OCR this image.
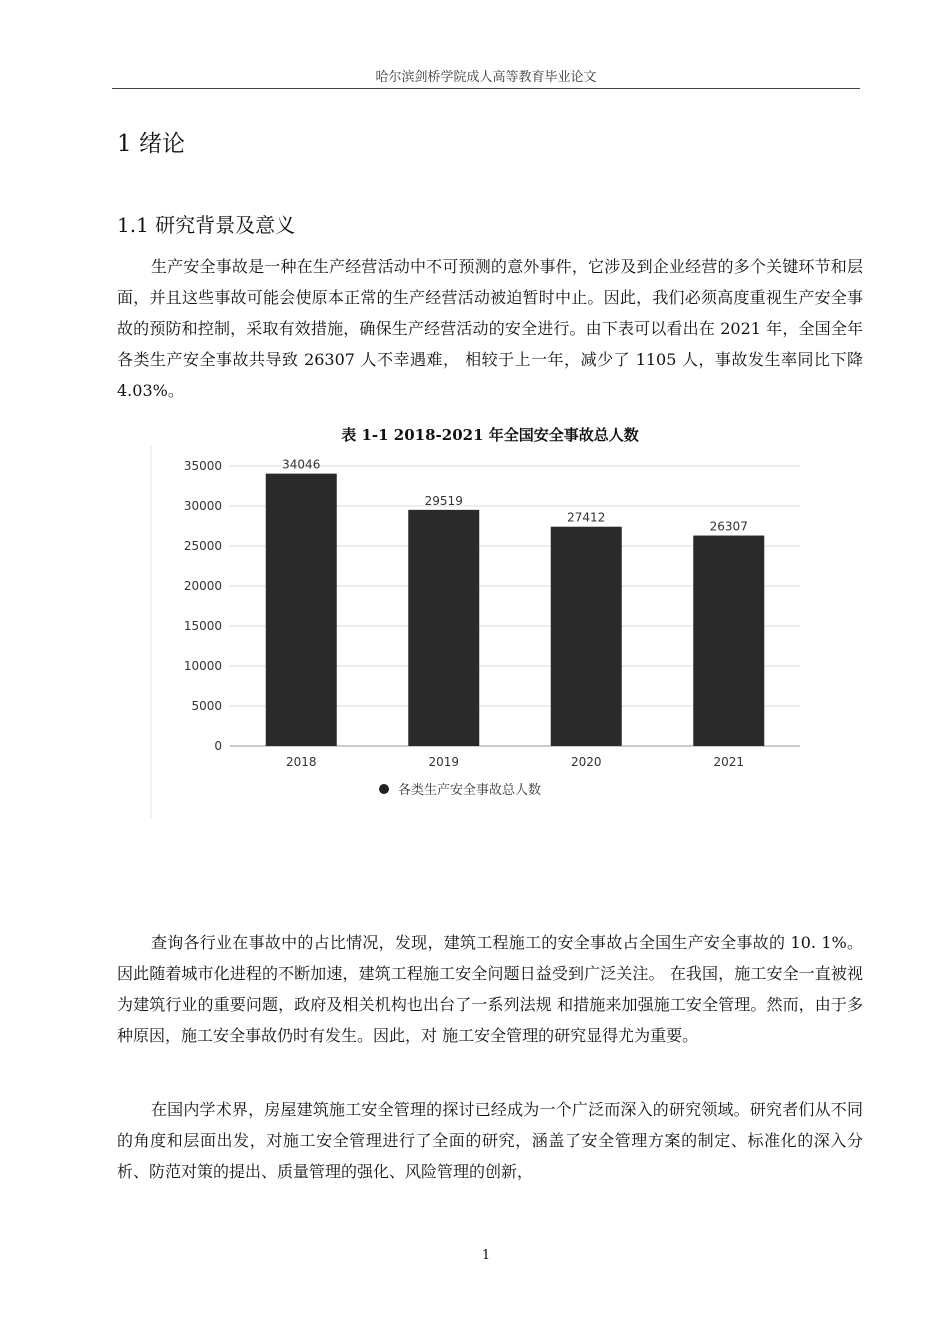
哈尔滨剑桥学院成人高等教育毕业论文
1 绪论
1.1 研究背景及意义

生产安全事故是一种在生产经营活动中不可预测的意外事件，它涉及到企业经营的多个关键环节和层面，并且这些事故可能会使原本正常的生产经营活动被迫暂时中止。因此，我们必须高度重视生产安全事故的预防和控制，采取有效措施，确保生产经营活动的安全进行。由下表可以看出在 2021 年，全国全年各类生产安全事故共导致 26307 人不幸遇难， 相较于上一年，减少了 1105 人，事故发生率同比下降 4.03%。

表 1-1 2018-2021 年全国安全事故总人数
0
5000
10000
15000
20000
25000
30000
35000	34046
2018
29519
2019
27412
2020
26307
2021
各类生产安全事故总人数

查询各行业在事故中的占比情况，发现，建筑工程施工的安全事故占全国生产安全事故的 10. 1%。因此随着城市化进程的不断加速，建筑工程施工安全问题日益受到广泛关注。 在我国，施工安全一直被视为建筑行业的重要问题，政府及相关机构也出台了一系列法规 和措施来加强施工安全管理。然而，由于多种原因，施工安全事故仍时有发生。因此，对 施工安全管理的研究显得尤为重要。

在国内学术界，房屋建筑施工安全管理的探讨已经成为一个广泛而深入的研究领域。研究者们从不同的角度和层面出发，对施工安全管理进行了全面的研究，涵盖了安全管理方案的制定、标准化的深入分析、防范对策的提出、质量管理的强化、风险管理的创新，

1
